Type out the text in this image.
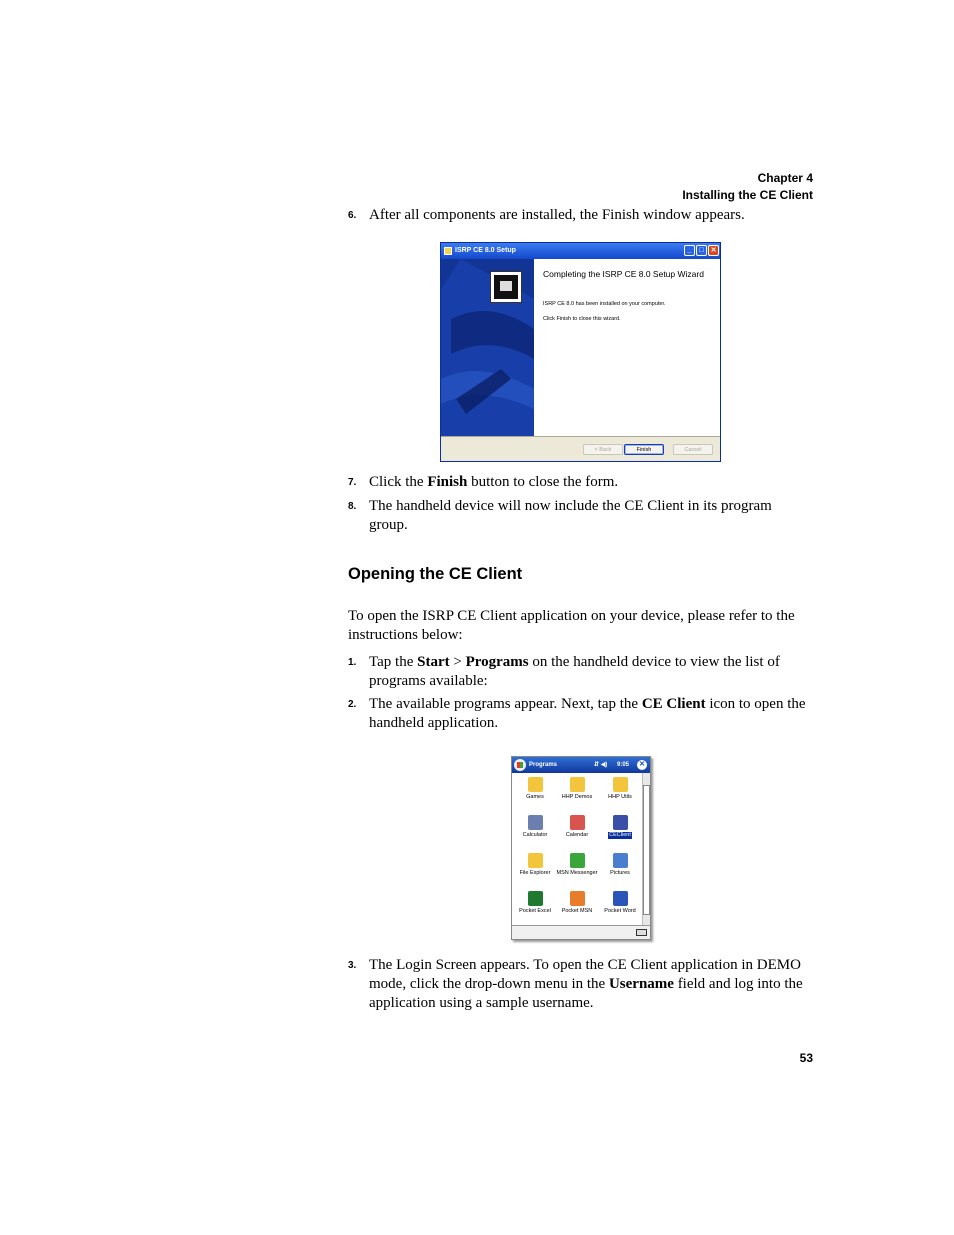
Chapter 4
Installing the CE Client
6. After all components are installed, the Finish window appears.
ISRP CE 8.0 Setup	_	□ ✕
Completing the ISRP CE 8.0 Setup Wizard
ISRP CE 8.0 has been installed on your computer.
Click Finish to close this wizard.
< Back	Finish	Cancel
7. Click the Finish button to close the form.
8. The handheld device will now include the CE Client in its program group.
Opening the CE Client
To open the ISRP CE Client application on your device, please refer to the instructions below:
1. Tap the Start > Programs on the handheld device to view the list of programs available:
2. The available programs appear. Next, tap the CE Client icon to open the handheld application.
Programs	⇵ ◀) 9:05 ✕
Games	HHP Demos	HHP Utils
Calculator	Calendar	CEClient
File Explorer	MSN Messenger	Pictures
Pocket Excel	Pocket MSN	Pocket Word
3. The Login Screen appears. To open the CE Client application in DEMO mode, click the drop-down menu in the Username field and log into the application using a sample username.
53
